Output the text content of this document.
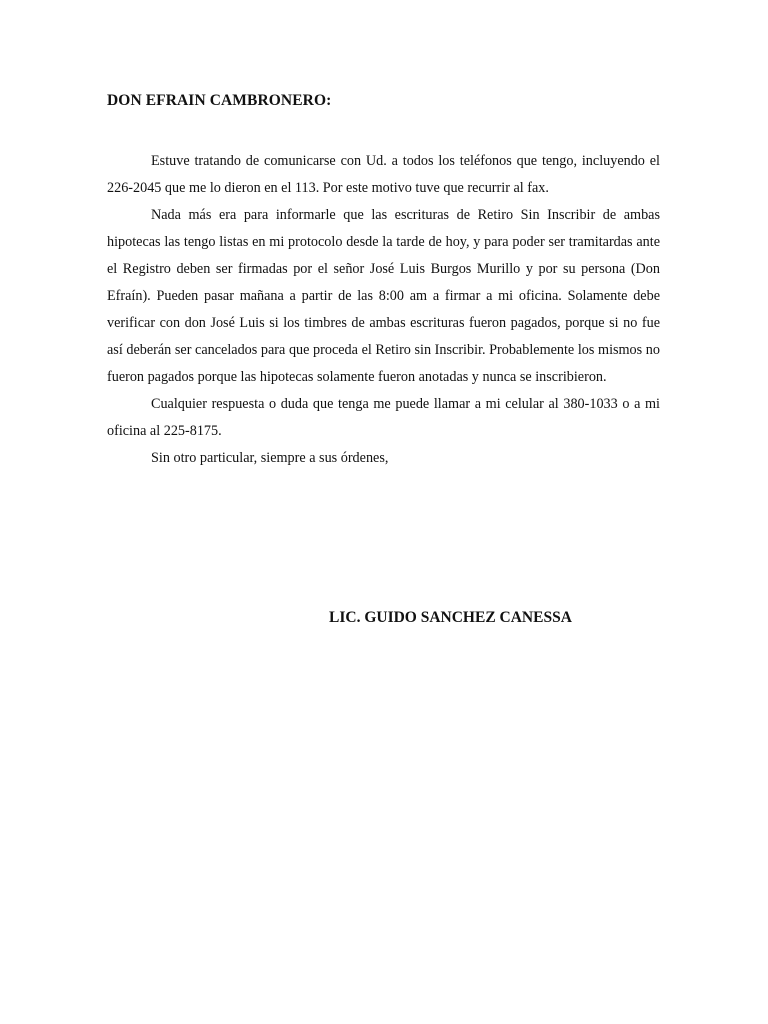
DON EFRAIN CAMBRONERO:

Estuve tratando de comunicarse con Ud. a todos los teléfonos que tengo, incluyendo el 226-2045 que me lo dieron en el 113. Por este motivo tuve que recurrir al fax.

Nada más era para informarle que las escrituras de Retiro Sin Inscribir de ambas hipotecas las tengo listas en mi protocolo desde la tarde de hoy, y para poder ser tramitardas ante el Registro deben ser firmadas por el señor José Luis Burgos Murillo y por su persona (Don Efraín). Pueden pasar mañana a partir de las 8:00 am a firmar a mi oficina. Solamente debe verificar con don José Luis si los timbres de ambas escrituras fueron pagados, porque si no fue así deberán ser cancelados para que proceda el Retiro sin Inscribir. Probablemente los mismos no fueron pagados porque las hipotecas solamente fueron anotadas y nunca se inscribieron.

Cualquier respuesta o duda que tenga me puede llamar a mi celular al 380-1033 o a mi oficina al 225-8175.

Sin otro particular, siempre a sus órdenes,

LIC. GUIDO SANCHEZ CANESSA
